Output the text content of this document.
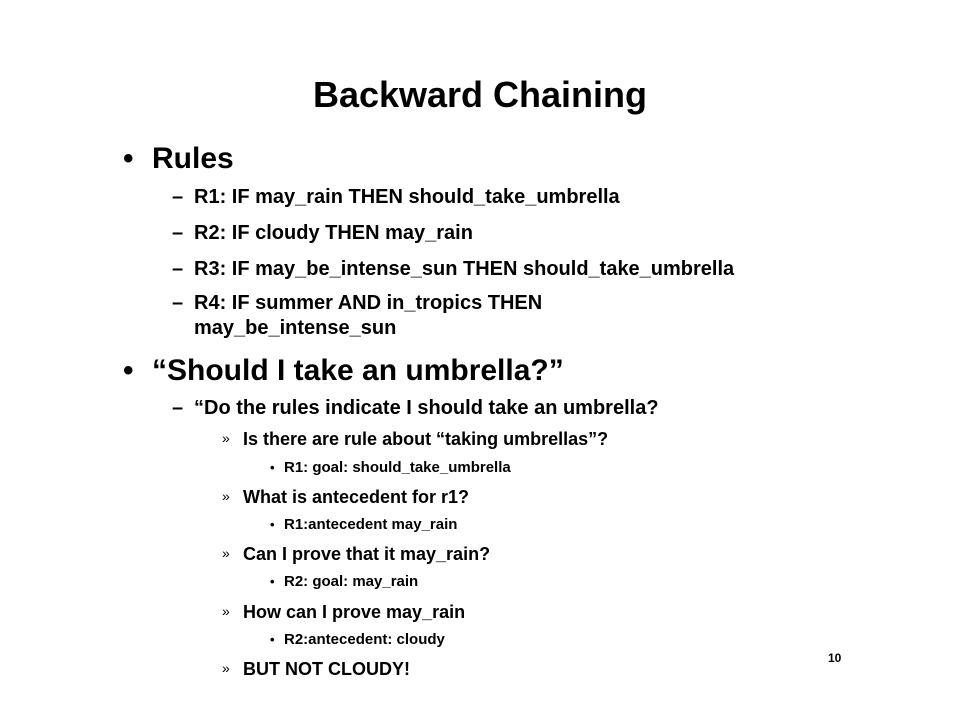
Backward Chaining
• Rules
– R1: IF may_rain THEN should_take_umbrella
– R2: IF cloudy THEN may_rain
– R3: IF may_be_intense_sun THEN should_take_umbrella
– R4: IF summer AND in_tropics THEN
may_be_intense_sun
• “Should I take an umbrella?”
– “Do the rules indicate I should take an umbrella?
» Is there are rule about “taking umbrellas”?
• R1: goal: should_take_umbrella
» What is antecedent for r1?
• R1:antecedent may_rain
» Can I prove that it may_rain?
• R2: goal: may_rain
» How can I prove may_rain
• R2:antecedent: cloudy
» BUT NOT CLOUDY!
10
